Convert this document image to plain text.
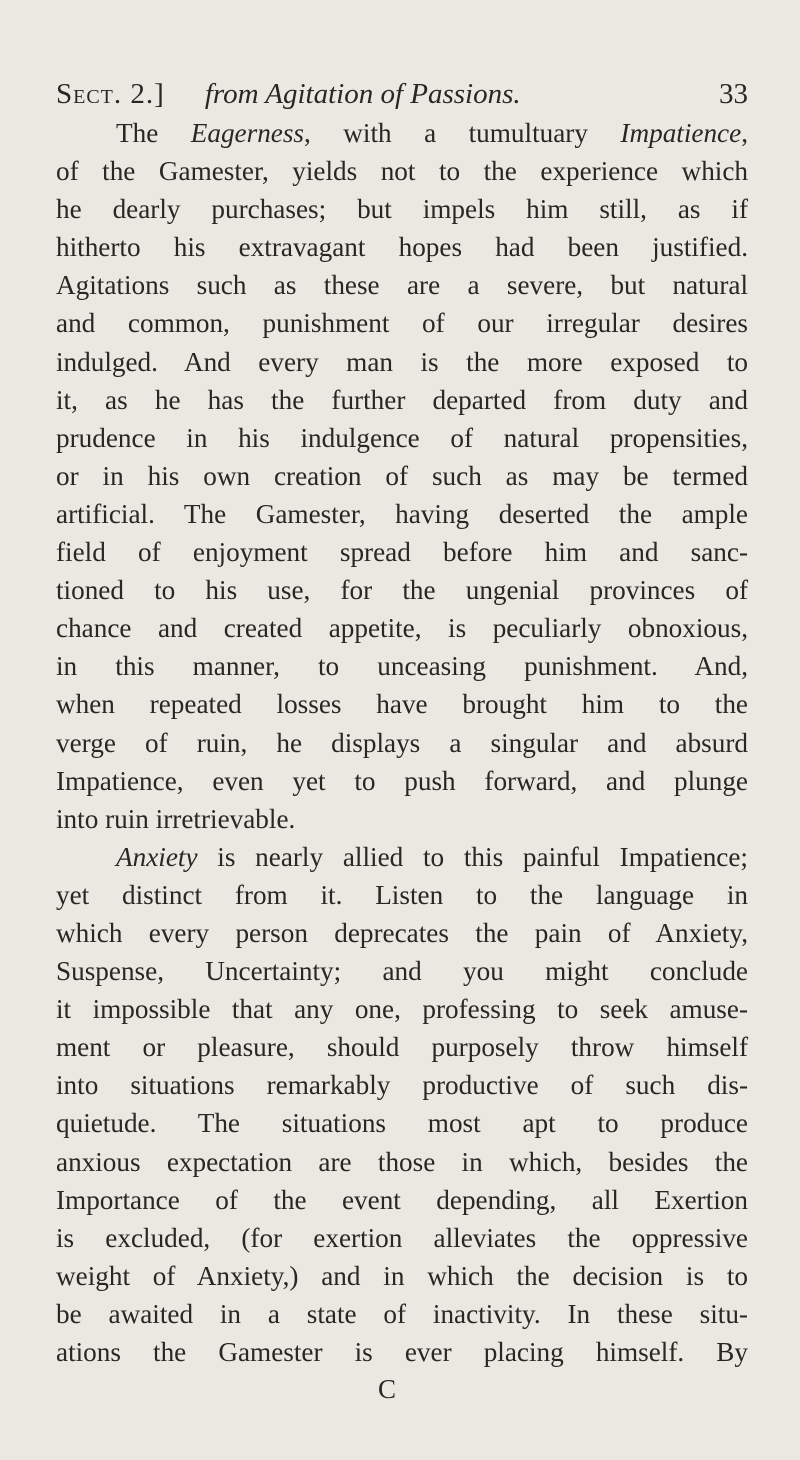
Sect. 2.] from Agitation of Passions.	33
The Eagerness, with a tumultuary Impatience,
of the Gamester, yields not to the experience which
he dearly purchases; but impels him still, as if
hitherto his extravagant hopes had been justified.
Agitations such as these are a severe, but natural
and common, punishment of our irregular desires
indulged. And every man is the more exposed to
it, as he has the further departed from duty and
prudence in his indulgence of natural propensities,
or in his own creation of such as may be termed
artificial. The Gamester, having deserted the ample
field of enjoyment spread before him and sanc-
tioned to his use, for the ungenial provinces of
chance and created appetite, is peculiarly obnoxious,
in this manner, to unceasing punishment. And,
when repeated losses have brought him to the
verge of ruin, he displays a singular and absurd
Impatience, even yet to push forward, and plunge
into ruin irretrievable.
Anxiety is nearly allied to this painful Impatience;
yet distinct from it. Listen to the language in
which every person deprecates the pain of Anxiety,
Suspense, Uncertainty; and you might conclude
it impossible that any one, professing to seek amuse-
ment or pleasure, should purposely throw himself
into situations remarkably productive of such dis-
quietude. The situations most apt to produce
anxious expectation are those in which, besides the
Importance of the event depending, all Exertion
is excluded, (for exertion alleviates the oppressive
weight of Anxiety,) and in which the decision is to
be awaited in a state of inactivity. In these situ-
ations the Gamester is ever placing himself. By
C
